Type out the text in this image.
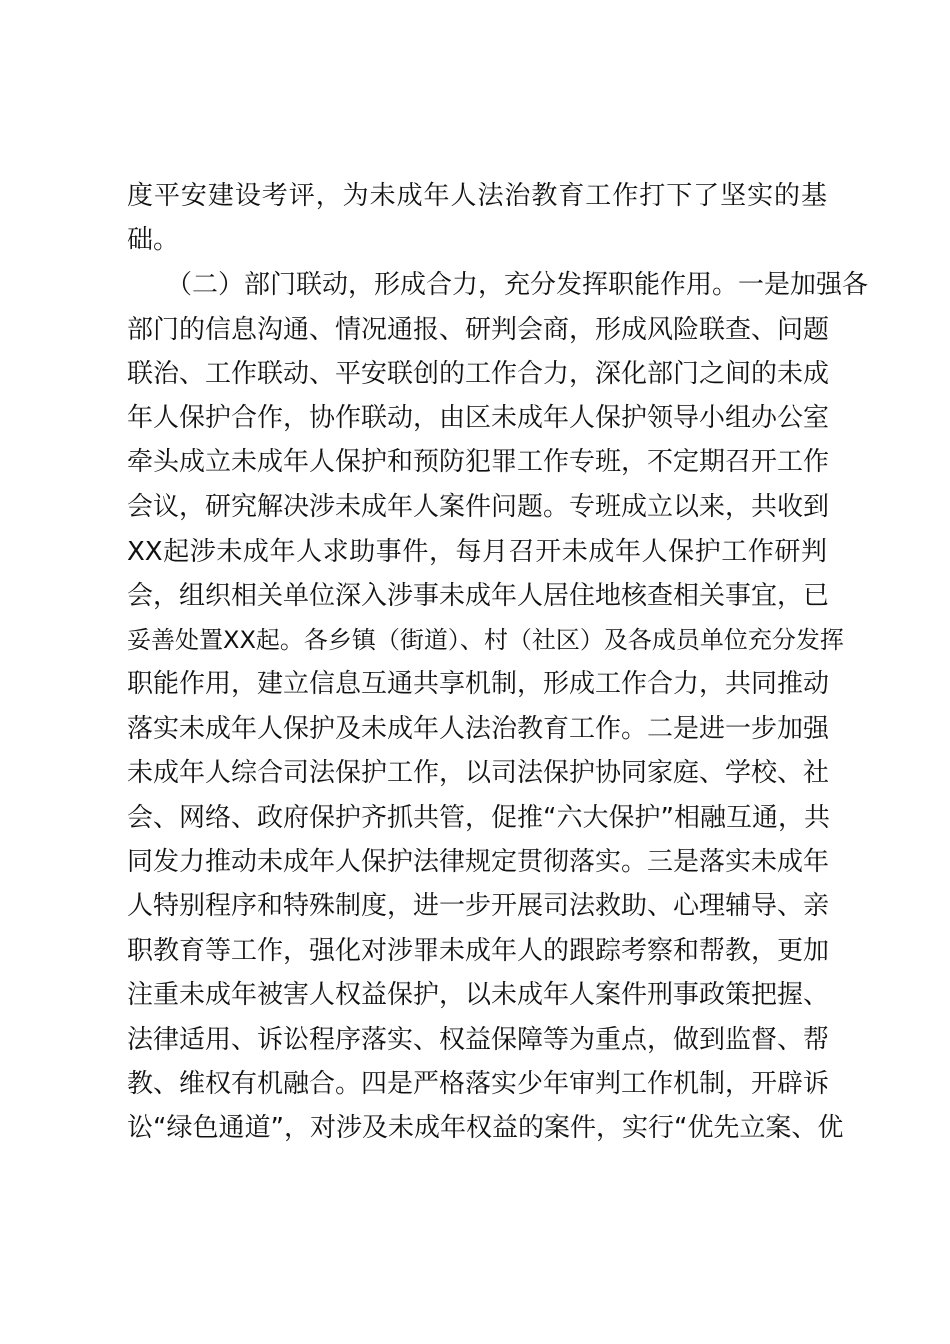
度平安建设考评，为未成年人法治教育工作打下了坚实的基
础。
（二）部门联动，形成合力，充分发挥职能作用。一是加强各
部门的信息沟通、情况通报、研判会商，形成风险联查、问题
联治、工作联动、平安联创的工作合力，深化部门之间的未成
年人保护合作，协作联动，由区未成年人保护领导小组办公室
牵头成立未成年人保护和预防犯罪工作专班，不定期召开工作
会议，研究解决涉未成年人案件问题。专班成立以来，共收到
XX起涉未成年人求助事件，每月召开未成年人保护工作研判
会，组织相关单位深入涉事未成年人居住地核查相关事宜，已
妥善处置XX起。各乡镇（街道）、村（社区）及各成员单位充分发挥
职能作用，建立信息互通共享机制，形成工作合力，共同推动
落实未成年人保护及未成年人法治教育工作。二是进一步加强
未成年人综合司法保护工作，以司法保护协同家庭、学校、社
会、网络、政府保护齐抓共管，促推“六大保护”相融互通，共
同发力推动未成年人保护法律规定贯彻落实。三是落实未成年
人特别程序和特殊制度，进一步开展司法救助、心理辅导、亲
职教育等工作，强化对涉罪未成年人的跟踪考察和帮教，更加
注重未成年被害人权益保护，以未成年人案件刑事政策把握、
法律适用、诉讼程序落实、权益保障等为重点，做到监督、帮
教、维权有机融合。四是严格落实少年审判工作机制，开辟诉
讼“绿色通道”，对涉及未成年权益的案件，实行“优先立案、优
